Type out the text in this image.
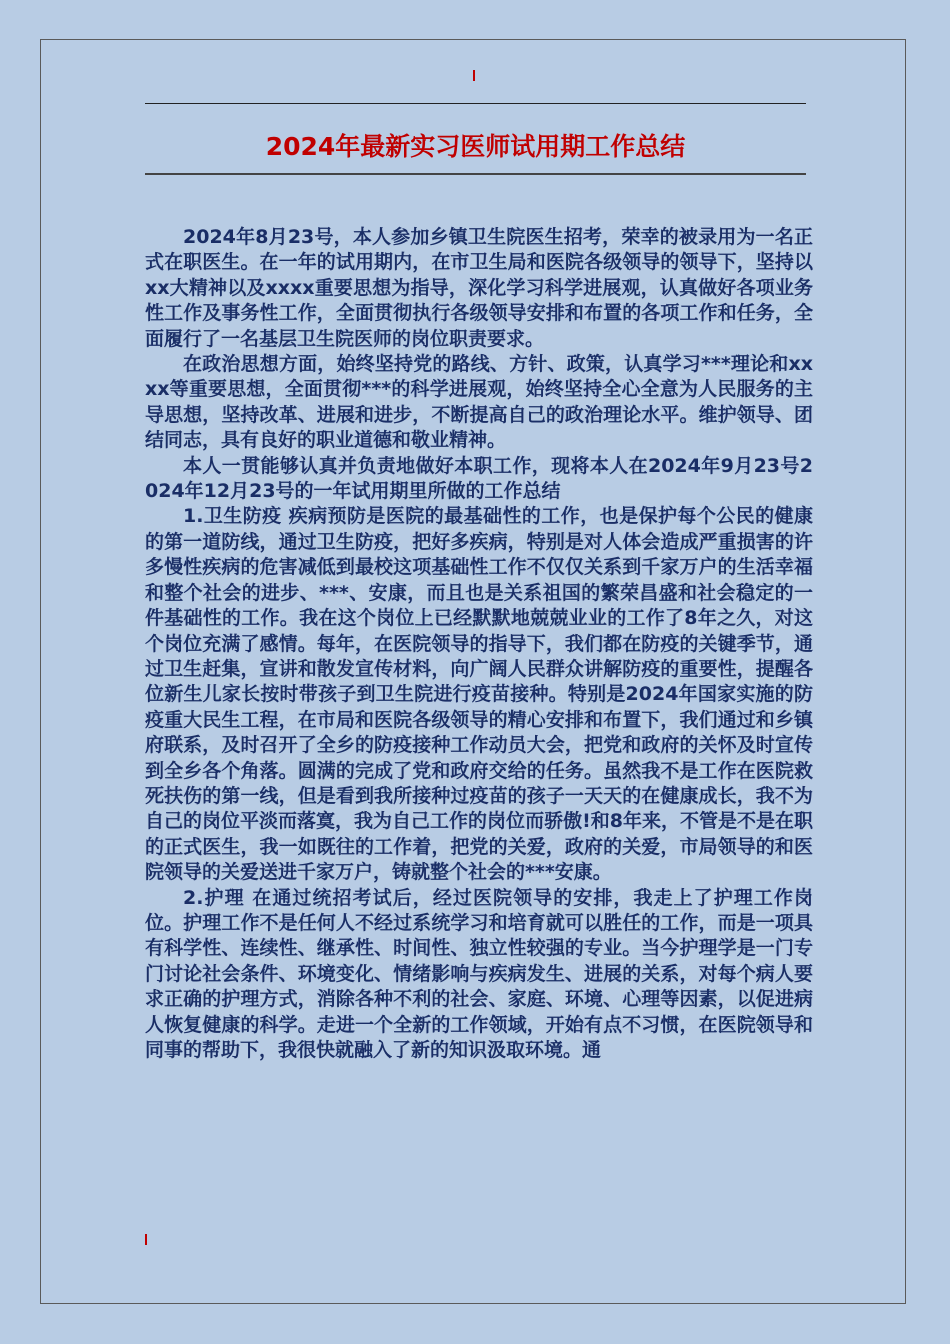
2024年最新实习医师试用期工作总结

2024年8月23号，本人参加乡镇卫生院医生招考，荣幸的被录用为一名正式在职医生。在一年的试用期内，在市卫生局和医院各级领导的领导下，坚持以xx大精神以及xxxx重要思想为指导，深化学习科学进展观，认真做好各项业务性工作及事务性工作，全面贯彻执行各级领导安排和布置的各项工作和任务，全面履行了一名基层卫生院医师的岗位职责要求。

在政治思想方面，始终坚持党的路线、方针、政策，认真学习***理论和xxxx等重要思想，全面贯彻***的科学进展观，始终坚持全心全意为人民服务的主导思想，坚持改革、进展和进步，不断提高自己的政治理论水平。维护领导、团结同志，具有良好的职业道德和敬业精神。

本人一贯能够认真并负责地做好本职工作，现将本人在2024年9月23号2024年12月23号的一年试用期里所做的工作总结

1.卫生防疫 疾病预防是医院的最基础性的工作，也是保护每个公民的健康的第一道防线，通过卫生防疫，把好多疾病，特别是对人体会造成严重损害的许多慢性疾病的危害减低到最校这项基础性工作不仅仅关系到千家万户的生活幸福和整个社会的进步、***、安康，而且也是关系祖国的繁荣昌盛和社会稳定的一件基础性的工作。我在这个岗位上已经默默地兢兢业业的工作了8年之久，对这个岗位充满了感情。每年，在医院领导的指导下，我们都在防疫的关键季节，通过卫生赶集，宣讲和散发宣传材料，向广阔人民群众讲解防疫的重要性，提醒各位新生儿家长按时带孩子到卫生院进行疫苗接种。特别是2024年国家实施的防疫重大民生工程，在市局和医院各级领导的精心安排和布置下，我们通过和乡镇府联系，及时召开了全乡的防疫接种工作动员大会，把党和政府的关怀及时宣传到全乡各个角落。圆满的完成了党和政府交给的任务。虽然我不是工作在医院救死扶伤的第一线，但是看到我所接种过疫苗的孩子一天天的在健康成长，我不为自己的岗位平淡而落寞，我为自己工作的岗位而骄傲!和8年来，不管是不是在职的正式医生，我一如既往的工作着，把党的关爱，政府的关爱，市局领导的和医院领导的关爱送进千家万户，铸就整个社会的***安康。

2.护理 在通过统招考试后，经过医院领导的安排，我走上了护理工作岗位。护理工作不是任何人不经过系统学习和培育就可以胜任的工作，而是一项具有科学性、连续性、继承性、时间性、独立性较强的专业。当今护理学是一门专门讨论社会条件、环境变化、情绪影响与疾病发生、进展的关系，对每个病人要求正确的护理方式，消除各种不利的社会、家庭、环境、心理等因素，以促进病人恢复健康的科学。走进一个全新的工作领域，开始有点不习惯，在医院领导和同事的帮助下，我很快就融入了新的知识汲取环境。通
